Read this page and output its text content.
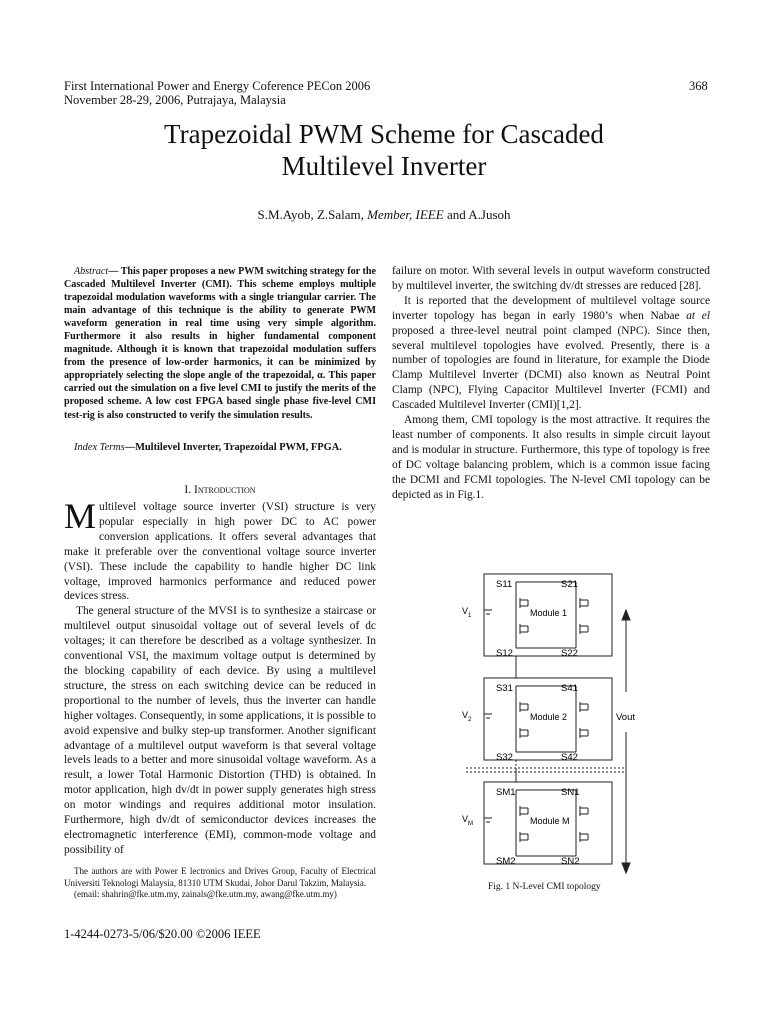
First International Power and Energy Coference PECon 2006
November 28-29, 2006, Putrajaya, Malaysia
368
Trapezoidal PWM Scheme for Cascaded
Multilevel Inverter
S.M.Ayob, Z.Salam, Member, IEEE and A.Jusoh
Abstract— This paper proposes a new PWM switching strategy for the Cascaded Multilevel Inverter (CMI). This scheme employs multiple trapezoidal modulation waveforms with a single triangular carrier. The main advantage of this technique is the ability to generate PWM waveform generation in real time using very simple algorithm. Furthermore it also results in higher fundamental component magnitude. Although it is known that trapezoidal modulation suffers from the presence of low-order harmonics, it can be minimized by appropriately selecting the slope angle of the trapezoidal, α. This paper carried out the simulation on a five level CMI to justify the merits of the proposed scheme. A low cost FPGA based single phase five-level CMI test-rig is also constructed to verify the simulation results.
Index Terms—Multilevel Inverter, Trapezoidal PWM, FPGA.
I. Introduction

Multilevel voltage source inverter (VSI) structure is very popular especially in high power DC to AC power conversion applications. It offers several advantages that make it preferable over the conventional voltage source inverter (VSI). These include the capability to handle higher DC link voltage, improved harmonics performance and reduced power devices stress.

The general structure of the MVSI is to synthesize a staircase or multilevel output sinusoidal voltage out of several levels of dc voltages; it can therefore be described as a voltage synthesizer. In conventional VSI, the maximum voltage output is determined by the blocking capability of each device. By using a multilevel structure, the stress on each switching device can be reduced in proportional to the number of levels, thus the inverter can handle higher voltages. Consequently, in some applications, it is possible to avoid expensive and bulky step-up transformer. Another significant advantage of a multilevel output waveform is that several voltage levels leads to a better and more sinusoidal voltage waveform. As a result, a lower Total Harmonic Distortion (THD) is obtained. In motor application, high dv/dt in power supply generates high stress on motor windings and requires additional motor insulation. Furthermore, high dv/dt of semiconductor devices increases the electromagnetic interference (EMI), common-mode voltage and possibility of

failure on motor. With several levels in output waveform constructed by multilevel inverter, the switching dv/dt stresses are reduced [28].

It is reported that the development of multilevel voltage source inverter topology has began in early 1980’s when Nabae at el proposed a three-level neutral point clamped (NPC). Since then, several multilevel topologies have evolved. Presently, there is a number of topologies are found in literature, for example the Diode Clamp Multilevel Inverter (DCMI) also known as Neutral Point Clamp (NPC), Flying Capacitor Multilevel Inverter (FCMI) and Cascaded Multilevel Inverter (CMI)[1,2].

Among them, CMI topology is the most attractive. It requires the least number of components. It also results in simple circuit layout and is modular in structure. Furthermore, this type of topology is free of DC voltage balancing problem, which is a common issue facing the DCMI and FCMI topologies. The N-level CMI topology can be depicted as in Fig.1.

Vout
S11	S21
S12	S22
Module 1
$V_1$
S31	S41
S32	S42
Module 2
$V_2$
SM1	SN1
SM2	SN2
Module M
$V_M$
Fig. 1 N-Level CMI topology

The authors are with Power E lectronics and Drives Group, Faculty of Electrical Universiti Teknologi Malaysia, 81310 UTM Skudai, Johor Darul Takzim, Malaysia.

(email: shahrin@fke.utm.my, zainals@fke.utm.my, awang@fke.utm.my)

1-4244-0273-5/06/$20.00 ©2006 IEEE
